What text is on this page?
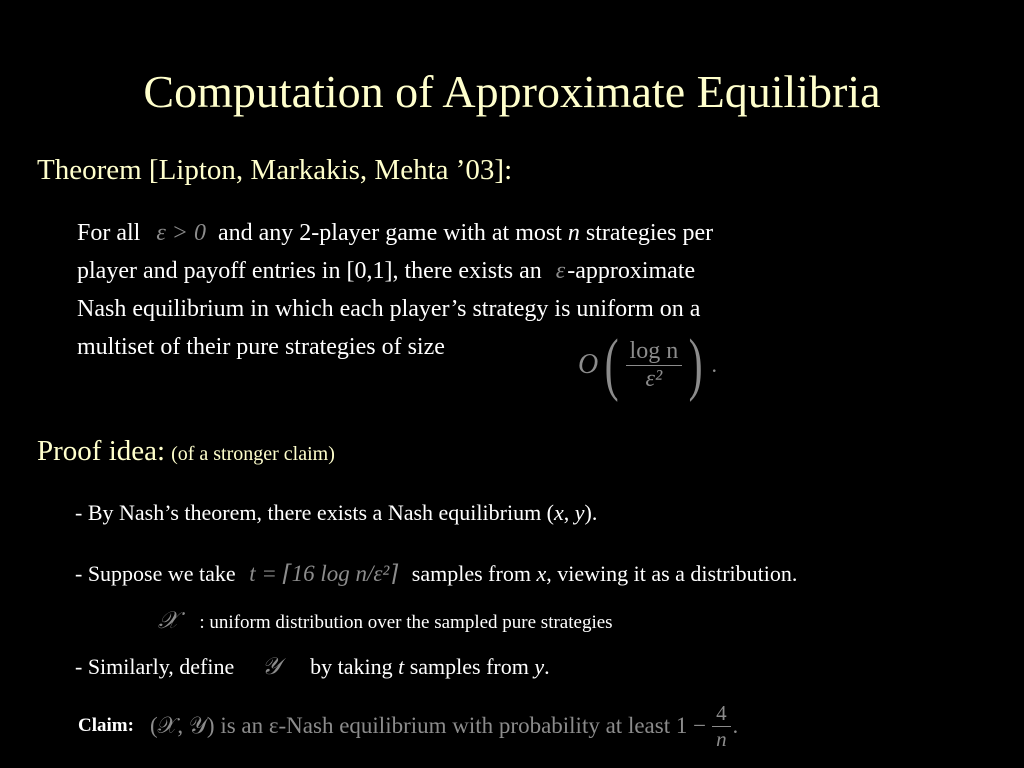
Computation of Approximate Equilibria
Theorem [Lipton, Markakis, Mehta ’03]:
For all ε > 0 and any 2-player game with at most n strategies per
player and payoff entries in [0,1], there exists an ε-approximate
Nash equilibrium in which each player’s strategy is uniform on a
multiset of their pure strategies of size
O ( $\frac{\text{log n}}{\text{ε²}}$ ) .
Proof idea: (of a stronger claim)
- By Nash’s theorem, there exists a Nash equilibrium (x, y).
- Suppose we take t = ⌈16 log n/ε²⌉ samples from x, viewing it as a distribution.
𝒳 : uniform distribution over the sampled pure strategies
- Similarly, define 𝒴 by taking t samples from y.
Claim: (𝒳, 𝒴) is an ε-Nash equilibrium with probability at least $1 - \frac{4}{n}$ .
